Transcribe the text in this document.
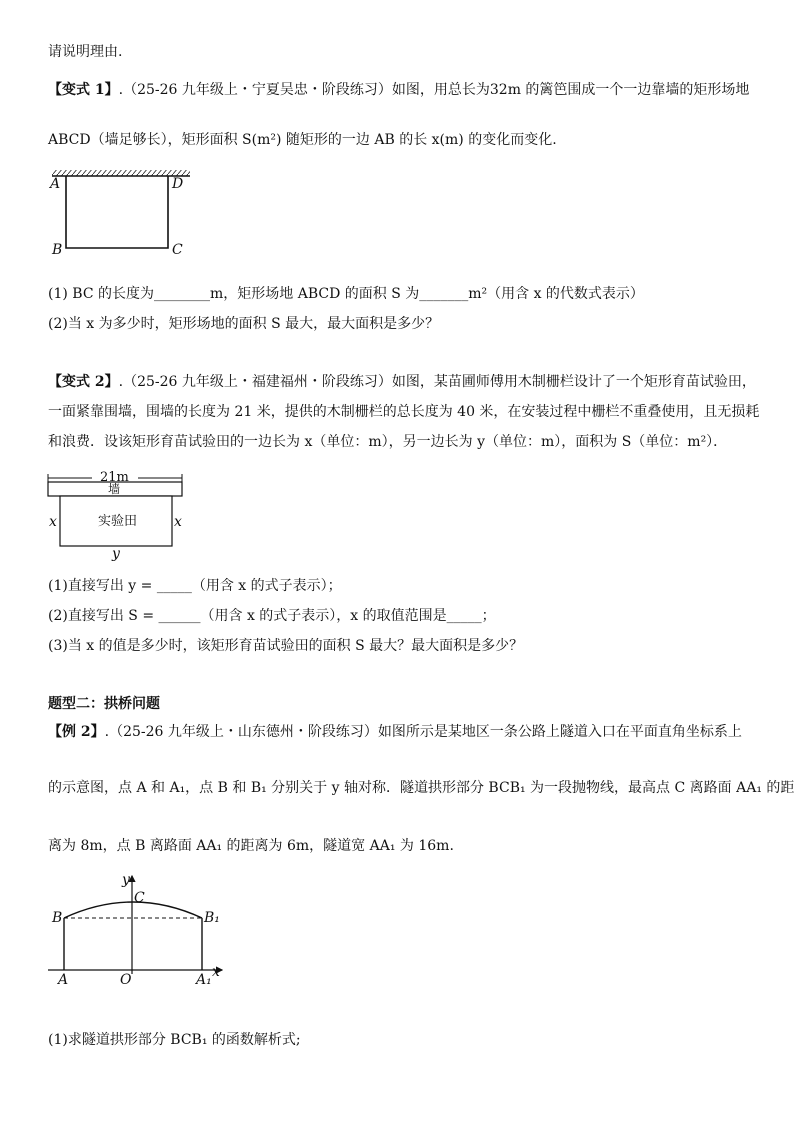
请说明理由.
【变式 1】.（25-26 九年级上・宁夏吴忠・阶段练习）如图，用总长为32m 的篱笆围成一个一边靠墙的矩形场地
ABCD（墙足够长），矩形面积 S(m²) 随矩形的一边 AB 的长 x(m) 的变化而变化.
A	D
B	C
(1) BC 的长度为________m，矩形场地 ABCD 的面积 S 为_______m²（用含 x 的代数式表示）
(2)当 x 为多少时，矩形场地的面积 S 最大，最大面积是多少？
【变式 2】.（25-26 九年级上・福建福州・阶段练习）如图，某苗圃师傅用木制栅栏设计了一个矩形育苗试验田，
一面紧靠围墙，围墙的长度为 21 米，提供的木制栅栏的总长度为 40 米，在安装过程中栅栏不重叠使用，且无损耗
和浪费．设该矩形育苗试验田的一边长为 x（单位：m），另一边长为 y（单位：m），面积为 S（单位：m²）．
21m
墙
实验田
x	x
y
(1)直接写出 y = _____（用含 x 的式子表示）；
(2)直接写出 S = ______（用含 x 的式子表示），x 的取值范围是_____；
(3)当 x 的值是多少时，该矩形育苗试验田的面积 S 最大？最大面积是多少？
题型二：拱桥问题
【例 2】.（25-26 九年级上・山东德州・阶段练习）如图所示是某地区一条公路上隧道入口在平面直角坐标系上
的示意图，点 A 和 A₁，点 B 和 B₁ 分别关于 y 轴对称．隧道拱形部分 BCB₁ 为一段抛物线，最高点 C 离路面 AA₁ 的距
离为 8m，点 B 离路面 AA₁ 的距离为 6m，隧道宽 AA₁ 为 16m.
y
C
B	B₁
A	O	A₁ x
(1)求隧道拱形部分 BCB₁ 的函数解析式;
